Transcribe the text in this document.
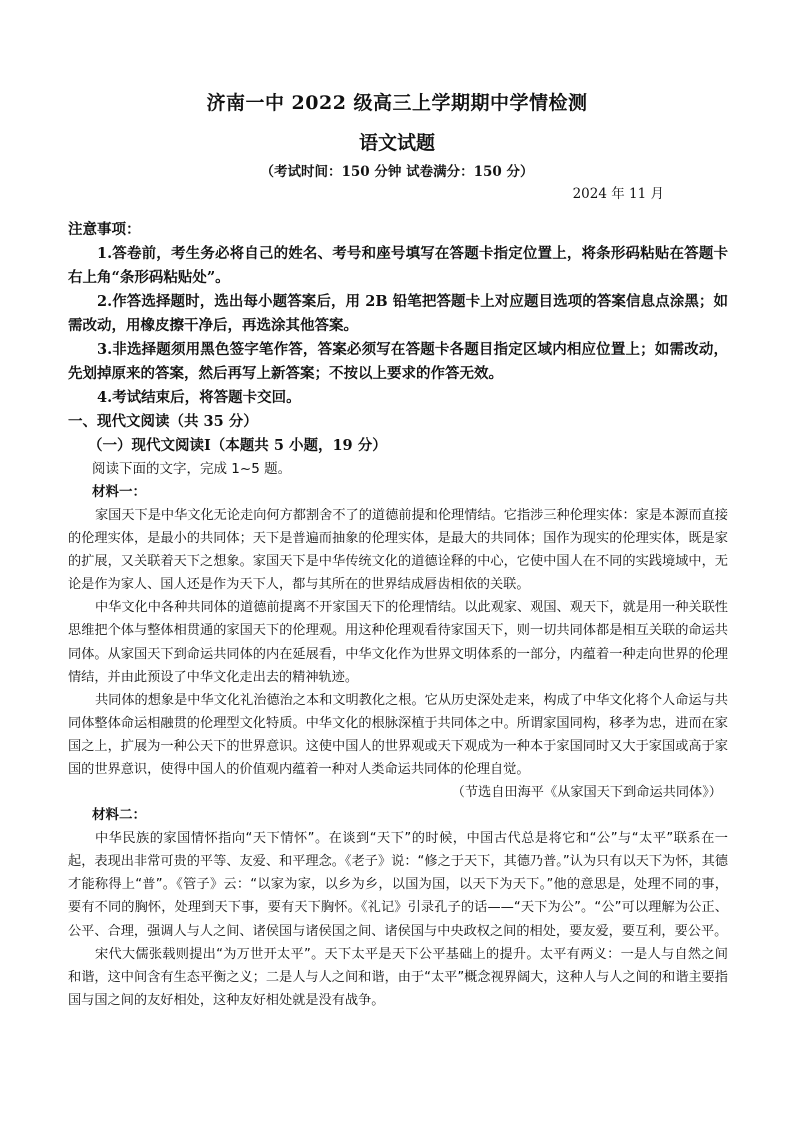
济南一中 2022 级高三上学期期中学情检测
语文试题
（考试时间：150 分钟 试卷满分：150 分）
2024 年 11 月
注意事项：
1.答卷前，考生务必将自己的姓名、考号和座号填写在答题卡指定位置上，将条形码粘贴在答题卡右上角“条形码粘贴处”。
2.作答选择题时，选出每小题答案后，用 2B 铅笔把答题卡上对应题目选项的答案信息点涂黑；如需改动，用橡皮擦干净后，再选涂其他答案。
3.非选择题须用黑色签字笔作答，答案必须写在答题卡各题目指定区域内相应位置上；如需改动，先划掉原来的答案，然后再写上新答案；不按以上要求的作答无效。
4.考试结束后，将答题卡交回。
一、现代文阅读（共 35 分）
（一）现代文阅读Ⅰ（本题共 5 小题，19 分）
阅读下面的文字，完成 1~5 题。
材料一：
家国天下是中华文化无论走向何方都割舍不了的道德前提和伦理情结。它指涉三种伦理实体：家是本源而直接的伦理实体，是最小的共同体；天下是普遍而抽象的伦理实体，是最大的共同体；国作为现实的伦理实体，既是家的扩展，又关联着天下之想象。家国天下是中华传统文化的道德诠释的中心，它使中国人在不同的实践境域中，无论是作为家人、国人还是作为天下人，都与其所在的世界结成唇齿相依的关联。
中华文化中各种共同体的道德前提离不开家国天下的伦理情结。以此观家、观国、观天下，就是用一种关联性思维把个体与整体相贯通的家国天下的伦理观。用这种伦理观看待家国天下，则一切共同体都是相互关联的命运共同体。从家国天下到命运共同体的内在延展看，中华文化作为世界文明体系的一部分，内蕴着一种走向世界的伦理情结，并由此预设了中华文化走出去的精神轨迹。
共同体的想象是中华文化礼治德治之本和文明教化之根。它从历史深处走来，构成了中华文化将个人命运与共同体整体命运相融贯的伦理型文化特质。中华文化的根脉深植于共同体之中。所谓家国同构，移孝为忠，进而在家国之上，扩展为一种公天下的世界意识。这使中国人的世界观或天下观成为一种本于家国同时又大于家国或高于家国的世界意识，使得中国人的价值观内蕴着一种对人类命运共同体的伦理自觉。
（节选自田海平《从家国天下到命运共同体》）
材料二：
中华民族的家国情怀指向“天下情怀”。在谈到“天下”的时候，中国古代总是将它和“公”与“太平”联系在一起，表现出非常可贵的平等、友爱、和平理念。《老子》说：“修之于天下，其德乃普。”认为只有以天下为怀，其德才能称得上“普”。《管子》云：“以家为家，以乡为乡，以国为国，以天下为天下。”他的意思是，处理不同的事，要有不同的胸怀，处理到天下事，要有天下胸怀。《礼记》引录孔子的话——“天下为公”。“公”可以理解为公正、公平、合理，强调人与人之间、诸侯国与诸侯国之间、诸侯国与中央政权之间的相处，要友爱，要互利，要公平。
宋代大儒张载则提出“为万世开太平”。天下太平是天下公平基础上的提升。太平有两义：一是人与自然之间和谐，这中间含有生态平衡之义；二是人与人之间和谐，由于“太平”概念视界阔大，这种人与人之间的和谐主要指国与国之间的友好相处，这种友好相处就是没有战争。
